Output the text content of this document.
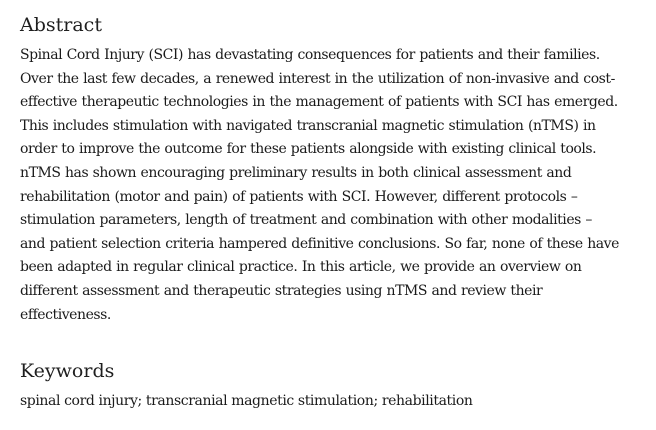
Abstract

Spinal Cord Injury (SCI) has devastating consequences for patients and their families.
Over the last few decades, a renewed interest in the utilization of non-invasive and cost-
effective therapeutic technologies in the management of patients with SCI has emerged.
This includes stimulation with navigated transcranial magnetic stimulation (nTMS) in
order to improve the outcome for these patients alongside with existing clinical tools.
nTMS has shown encouraging preliminary results in both clinical assessment and
rehabilitation (motor and pain) of patients with SCI. However, different protocols –
stimulation parameters, length of treatment and combination with other modalities –
and patient selection criteria hampered definitive conclusions. So far, none of these have
been adapted in regular clinical practice. In this article, we provide an overview on
different assessment and therapeutic strategies using nTMS and review their
effectiveness.

Keywords

spinal cord injury; transcranial magnetic stimulation; rehabilitation
